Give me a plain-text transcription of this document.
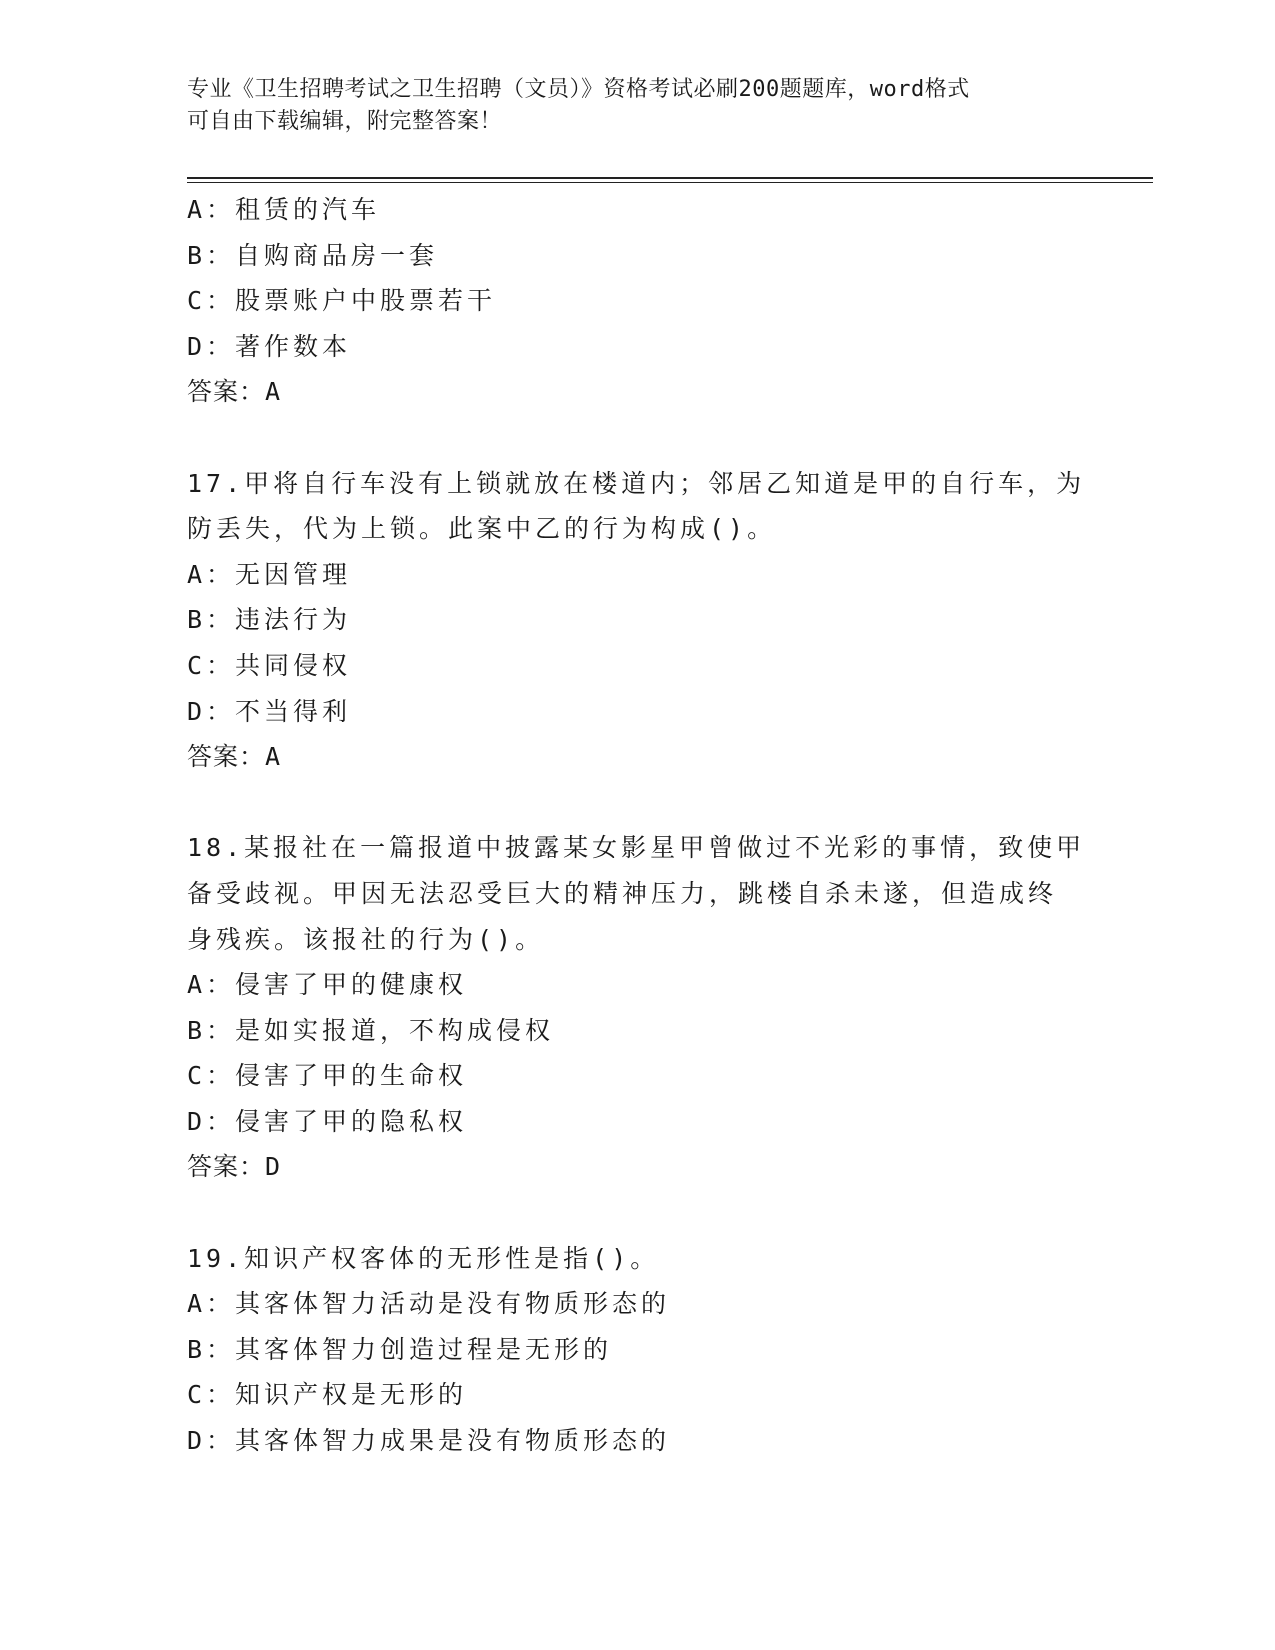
专业《卫生招聘考试之卫生招聘（文员）》资格考试必刷200题题库，word格式
可自由下载编辑，附完整答案！
A：租赁的汽车
B：自购商品房一套
C：股票账户中股票若干
D：著作数本
答案：A
17.甲将自行车没有上锁就放在楼道内；邻居乙知道是甲的自行车，为
防丢失，代为上锁。此案中乙的行为构成()。
A：无因管理
B：违法行为
C：共同侵权
D：不当得利
答案：A
18.某报社在一篇报道中披露某女影星甲曾做过不光彩的事情，致使甲
备受歧视。甲因无法忍受巨大的精神压力，跳楼自杀未遂，但造成终
身残疾。该报社的行为()。
A：侵害了甲的健康权
B：是如实报道，不构成侵权
C：侵害了甲的生命权
D：侵害了甲的隐私权
答案：D
19.知识产权客体的无形性是指()。
A：其客体智力活动是没有物质形态的
B：其客体智力创造过程是无形的
C：知识产权是无形的
D：其客体智力成果是没有物质形态的
